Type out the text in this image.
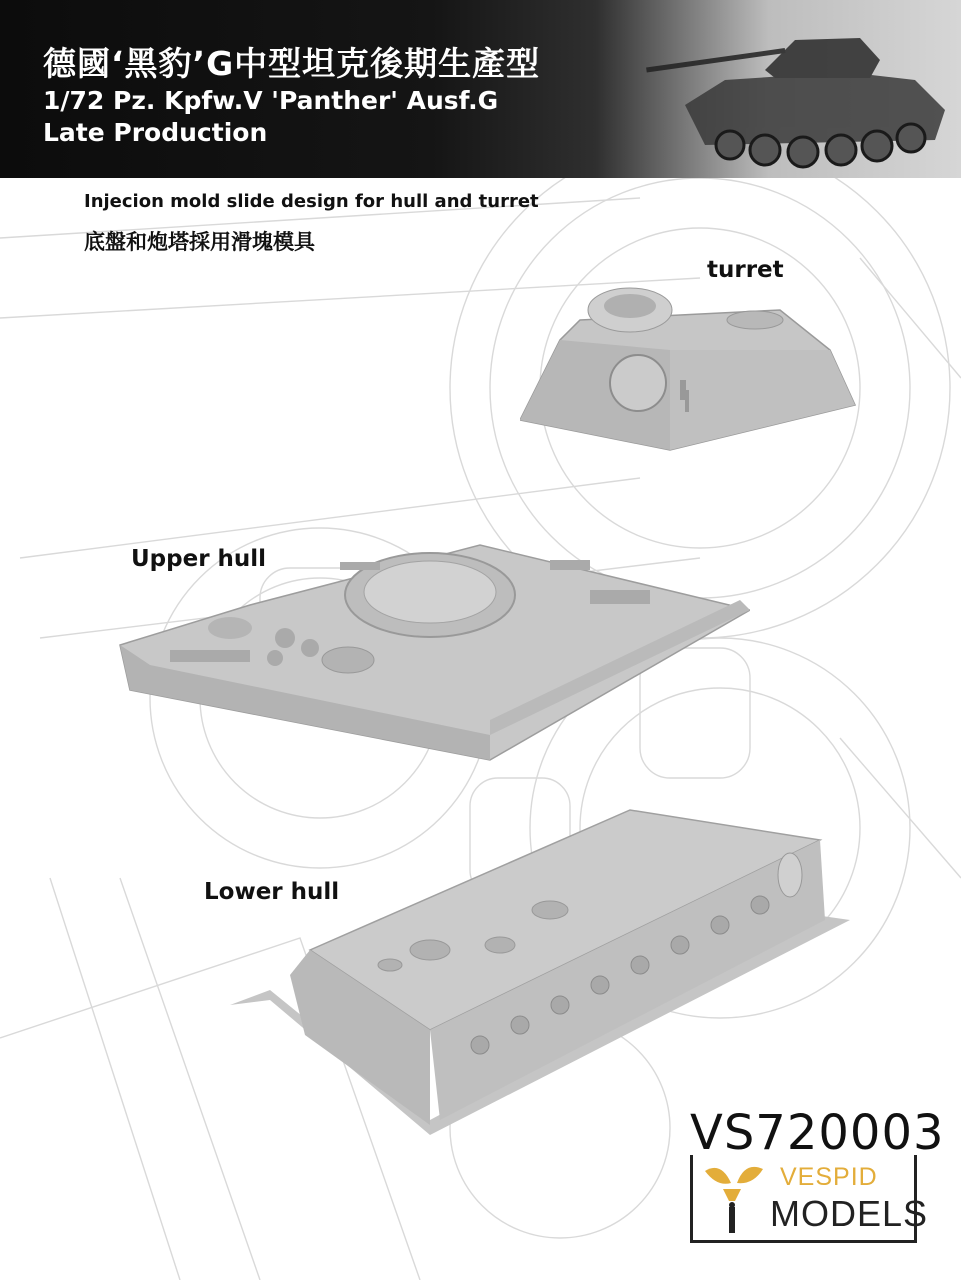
德國‘黑豹’G中型坦克後期生產型
1/72 Pz. Kpfw.V 'Panther' Ausf.G
Late Production
Injecion mold slide design for hull and turret
底盤和炮塔採用滑塊模具
turret
Upper hull
Lower hull
VS720003
VESPID
MODELS
